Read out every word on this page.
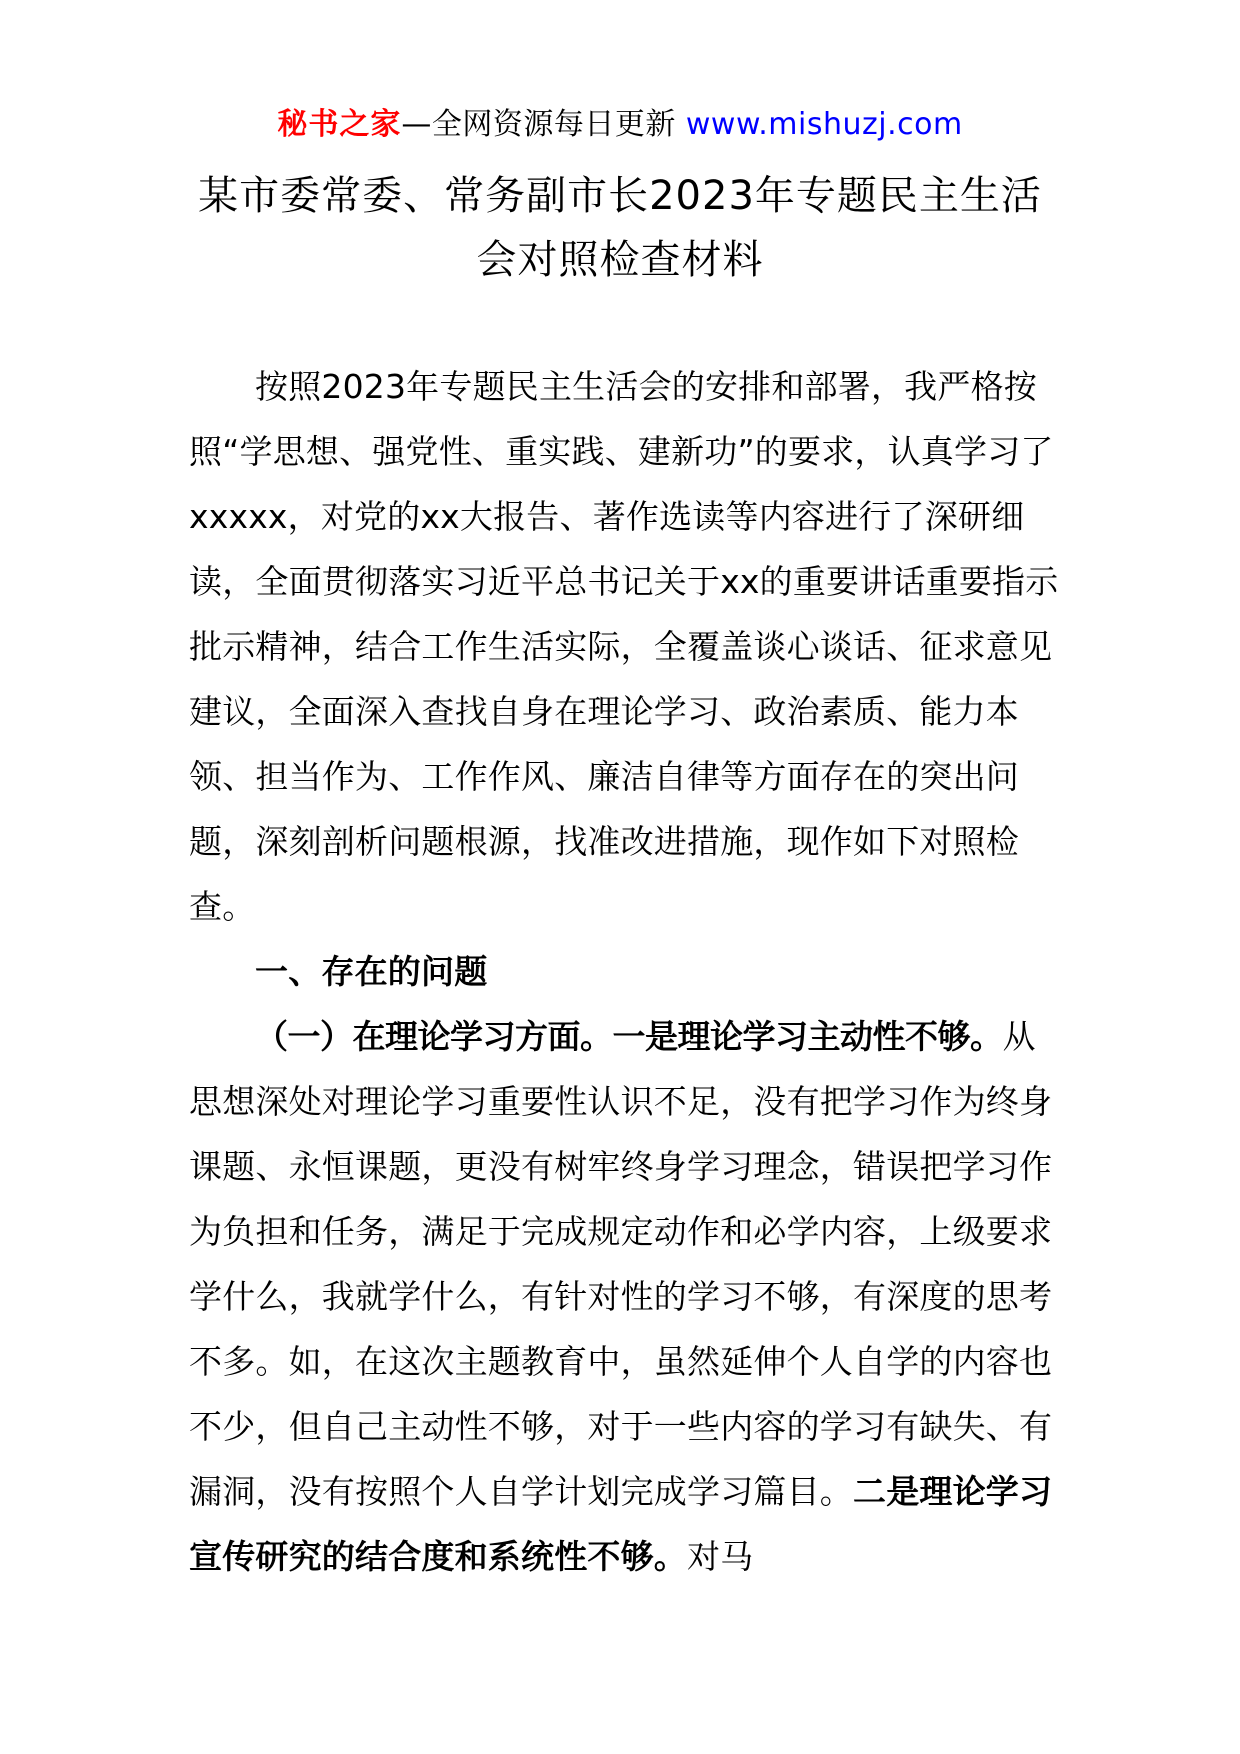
秘书之家—全网资源每日更新 www.mishuzj.com
某市委常委、常务副市长2023年专题民主生活
会对照检查材料

按照2023年专题民主生活会的安排和部署，我严格按照“学思想、强党性、重实践、建新功”的要求，认真学习了xxxxx，对党的xx大报告、著作选读等内容进行了深研细读，全面贯彻落实习近平总书记关于xx的重要讲话重要指示批示精神，结合工作生活实际，全覆盖谈心谈话、征求意见建议，全面深入查找自身在理论学习、政治素质、能力本领、担当作为、工作作风、廉洁自律等方面存在的突出问题，深刻剖析问题根源，找准改进措施，现作如下对照检查。

一、存在的问题

（一）在理论学习方面。一是理论学习主动性不够。从思想深处对理论学习重要性认识不足，没有把学习作为终身课题、永恒课题，更没有树牢终身学习理念，错误把学习作为负担和任务，满足于完成规定动作和必学内容，上级要求学什么，我就学什么，有针对性的学习不够，有深度的思考不多。如，在这次主题教育中，虽然延伸个人自学的内容也不少，但自己主动性不够，对于一些内容的学习有缺失、有漏洞，没有按照个人自学计划完成学习篇目。二是理论学习宣传研究的结合度和系统性不够。对马
